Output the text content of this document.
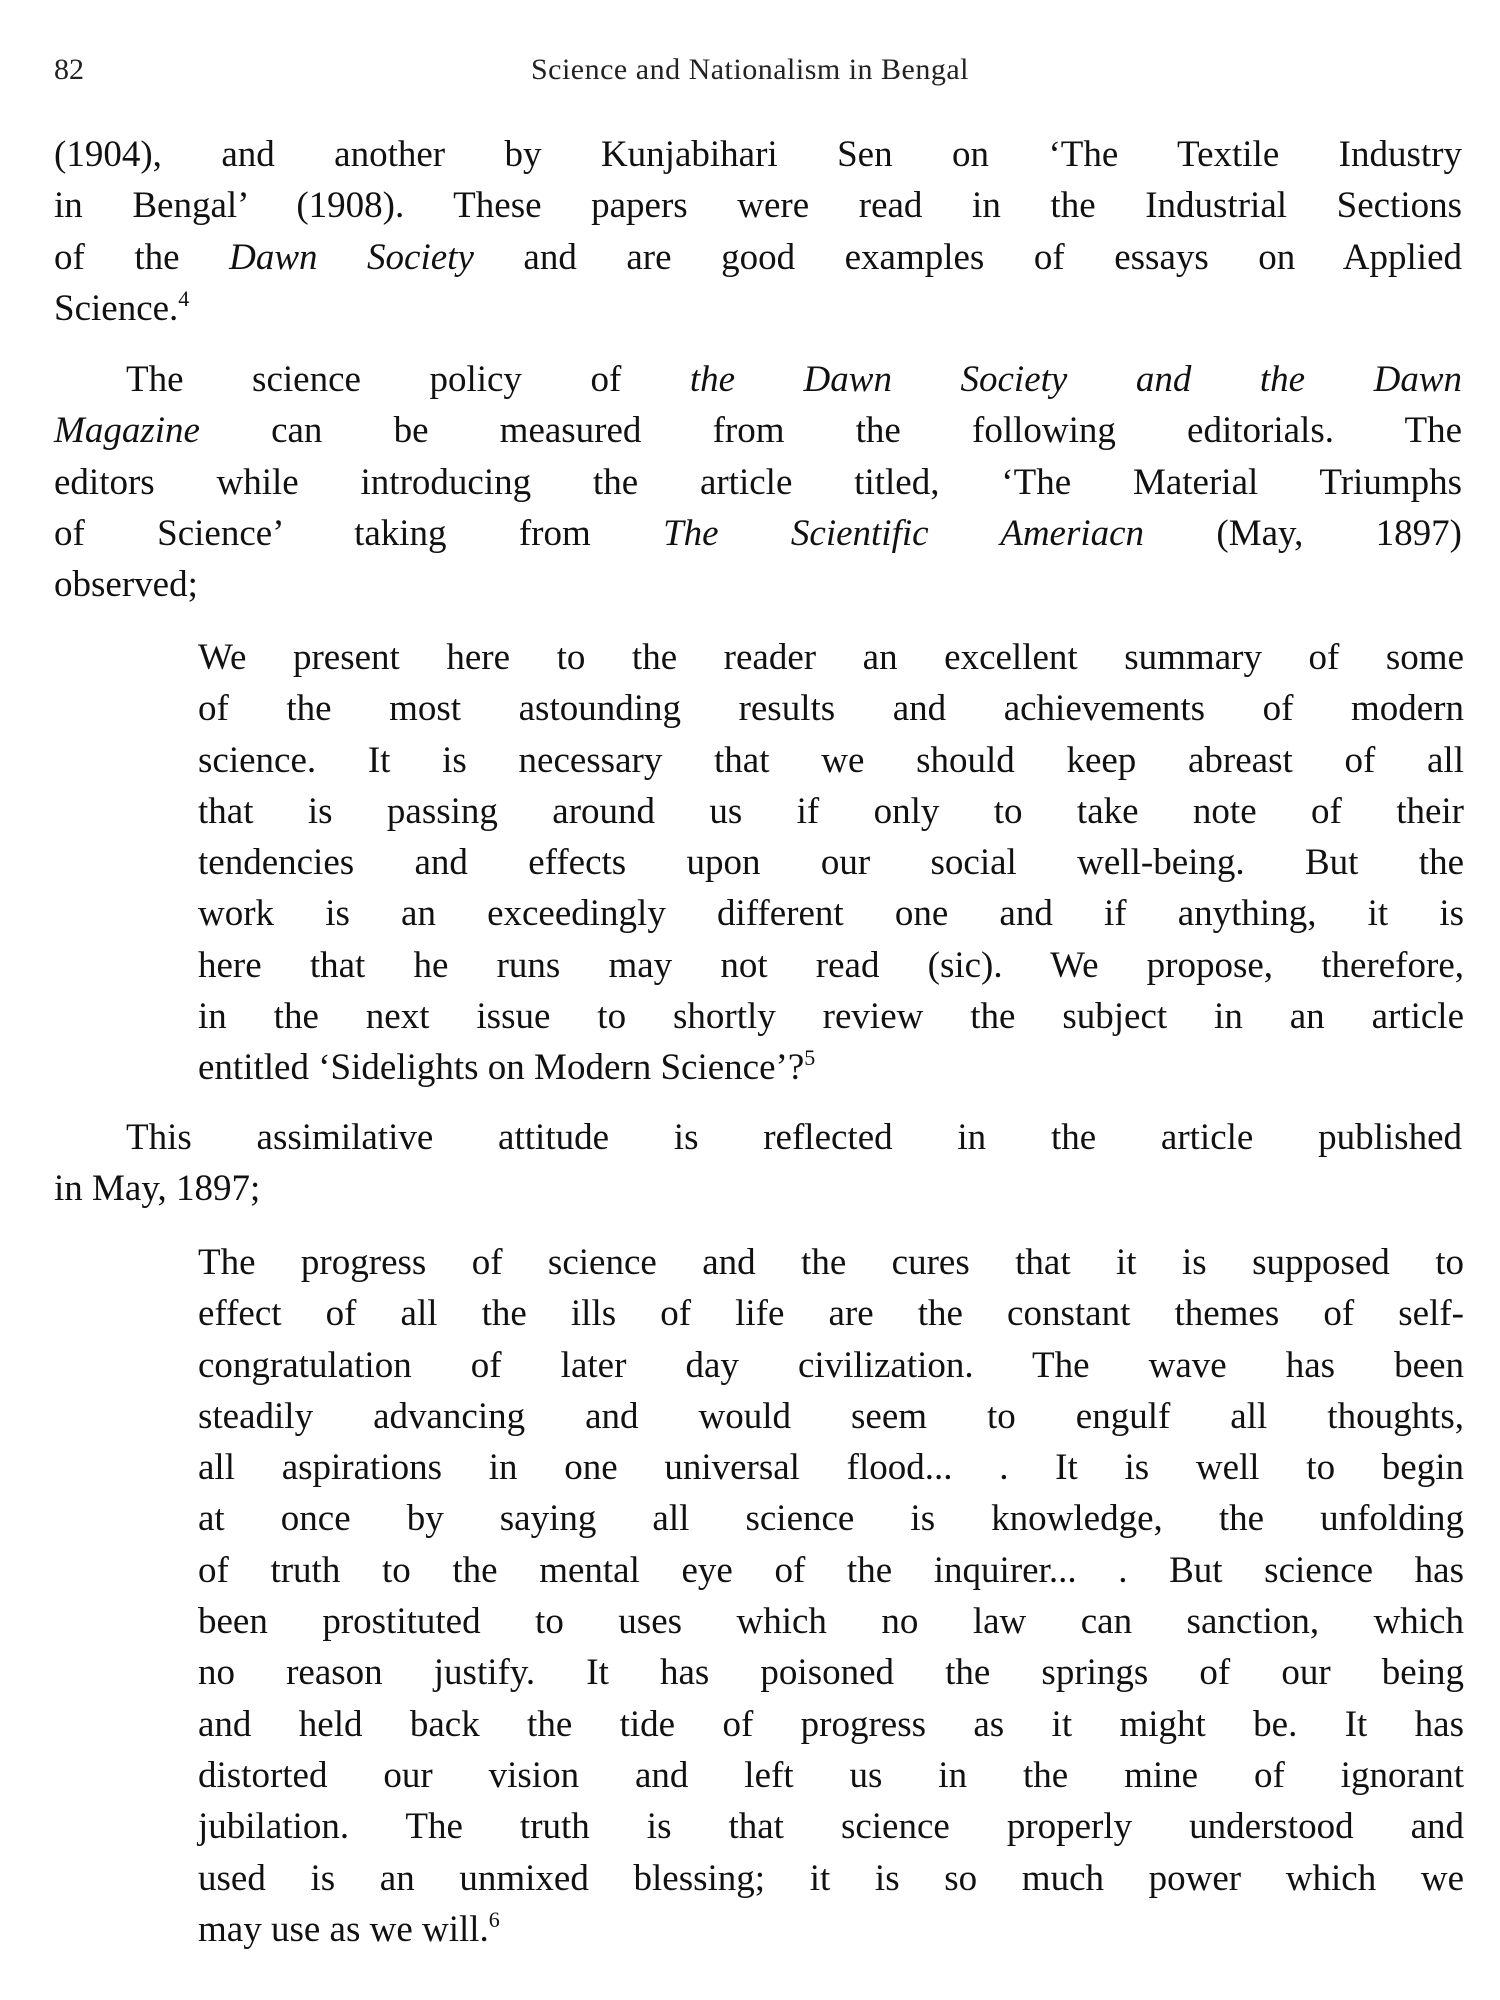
82	Science and Nationalism in Bengal
(1904), and another by Kunjabihari Sen on ‘The Textile Industry
in Bengal’ (1908). These papers were read in the Industrial Sections
of the Dawn Society and are good examples of essays on Applied
Science.$^4$
The science policy of the Dawn Society and the Dawn
Magazine can be measured from the following editorials. The
editors while introducing the article titled, ‘The Material Triumphs
of Science’ taking from The Scientific Ameriacn (May, 1897)
observed;
We present here to the reader an excellent summary of some
of the most astounding results and achievements of modern
science. It is necessary that we should keep abreast of all
that is passing around us if only to take note of their
tendencies and effects upon our social well-being. But the
work is an exceedingly different one and if anything, it is
here that he runs may not read (sic). We propose, therefore,
in the next issue to shortly review the subject in an article
entitled ‘Sidelights on Modern Science’?$^5$
This assimilative attitude is reflected in the article published
in May, 1897;
The progress of science and the cures that it is supposed to
effect of all the ills of life are the constant themes of self-
congratulation of later day civilization. The wave has been
steadily advancing and would seem to engulf all thoughts,
all aspirations in one universal flood... . It is well to begin
at once by saying all science is knowledge, the unfolding
of truth to the mental eye of the inquirer... . But science has
been prostituted to uses which no law can sanction, which
no reason justify. It has poisoned the springs of our being
and held back the tide of progress as it might be. It has
distorted our vision and left us in the mine of ignorant
jubilation. The truth is that science properly understood and
used is an unmixed blessing; it is so much power which we
may use as we will.$^6$
